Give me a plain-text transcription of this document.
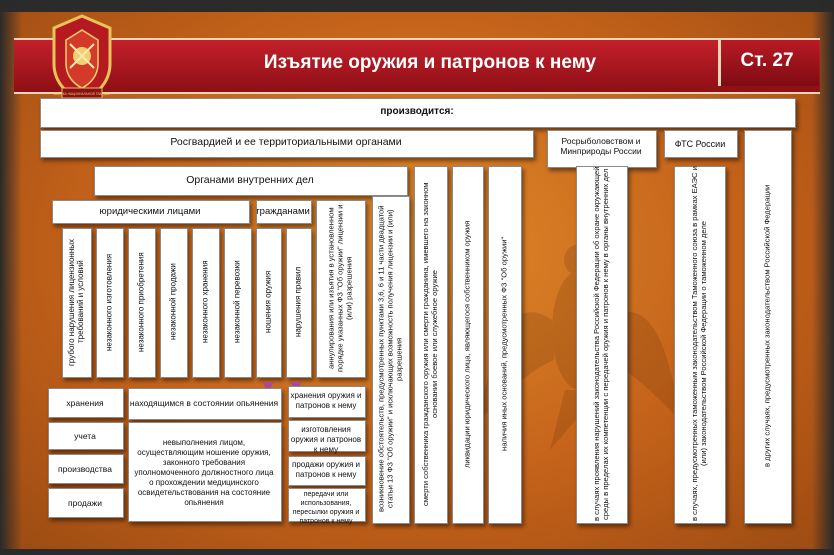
Изъятие оружия и патронов к нему	Ст. 27
ВОЙСКА НАЦИОНАЛЬНОЙ ГВАРДИИ
производится:
Росгвардией и ее территориальными органами	Росрыболовством и Минприроды России
ФТС России
Органами внутренних дел
юридическими лицами	гражданами
грубого нарушения лицензионных требований и условий	незаконного изготовления	незаконного приобретения	незаконной продажи	незаконного хранения	незаконной перевозки	ношения оружия	нарушения правил	аннулирования или изъятия в установленном порядке указанных ФЗ "Об оружии" лицензии и (или) разрешения	возникновение обстоятельств, предусмотренных пунктами 3,6, 6 и 11 части двадцатой статьи 13 ФЗ "Об оружии" и исключающих возможность получения лицензии и (или) разрешения	смерти собственника гражданского оружия или смерти гражданина, имевшего на законном основании боевое или служебное оружие	ликвидации юридического лица, являющегося собственником оружия	наличия иных оснований, предусмотренных ФЗ "Об оружии"	в случаях проявления нарушений законодательства Российской Федерации об охране окружающей среды в пределах их компетенции с передачей оружия и патронов к нему в органы внутренних дел	в случаях, предусмотренных таможенным законодательством Таможенного союза в рамках ЕАЭС и (или) законодательством Российской Федерации о таможенном деле	в других случаях, предусмотренных законодательством Российской Федерации
хранения
учета
производства
продажи
находящимся в состоянии опьянения
невыполнения лицом, осуществляющим ношение оружия, законного требования уполномоченного должностного лица о прохождении медицинского освидетельствования на состояние опьянения
хранения оружия и патронов к нему
изготовления оружия и патронов к нему
продажи оружия и патронов к нему
передачи или использования, пересылки оружия и патронов к нему
